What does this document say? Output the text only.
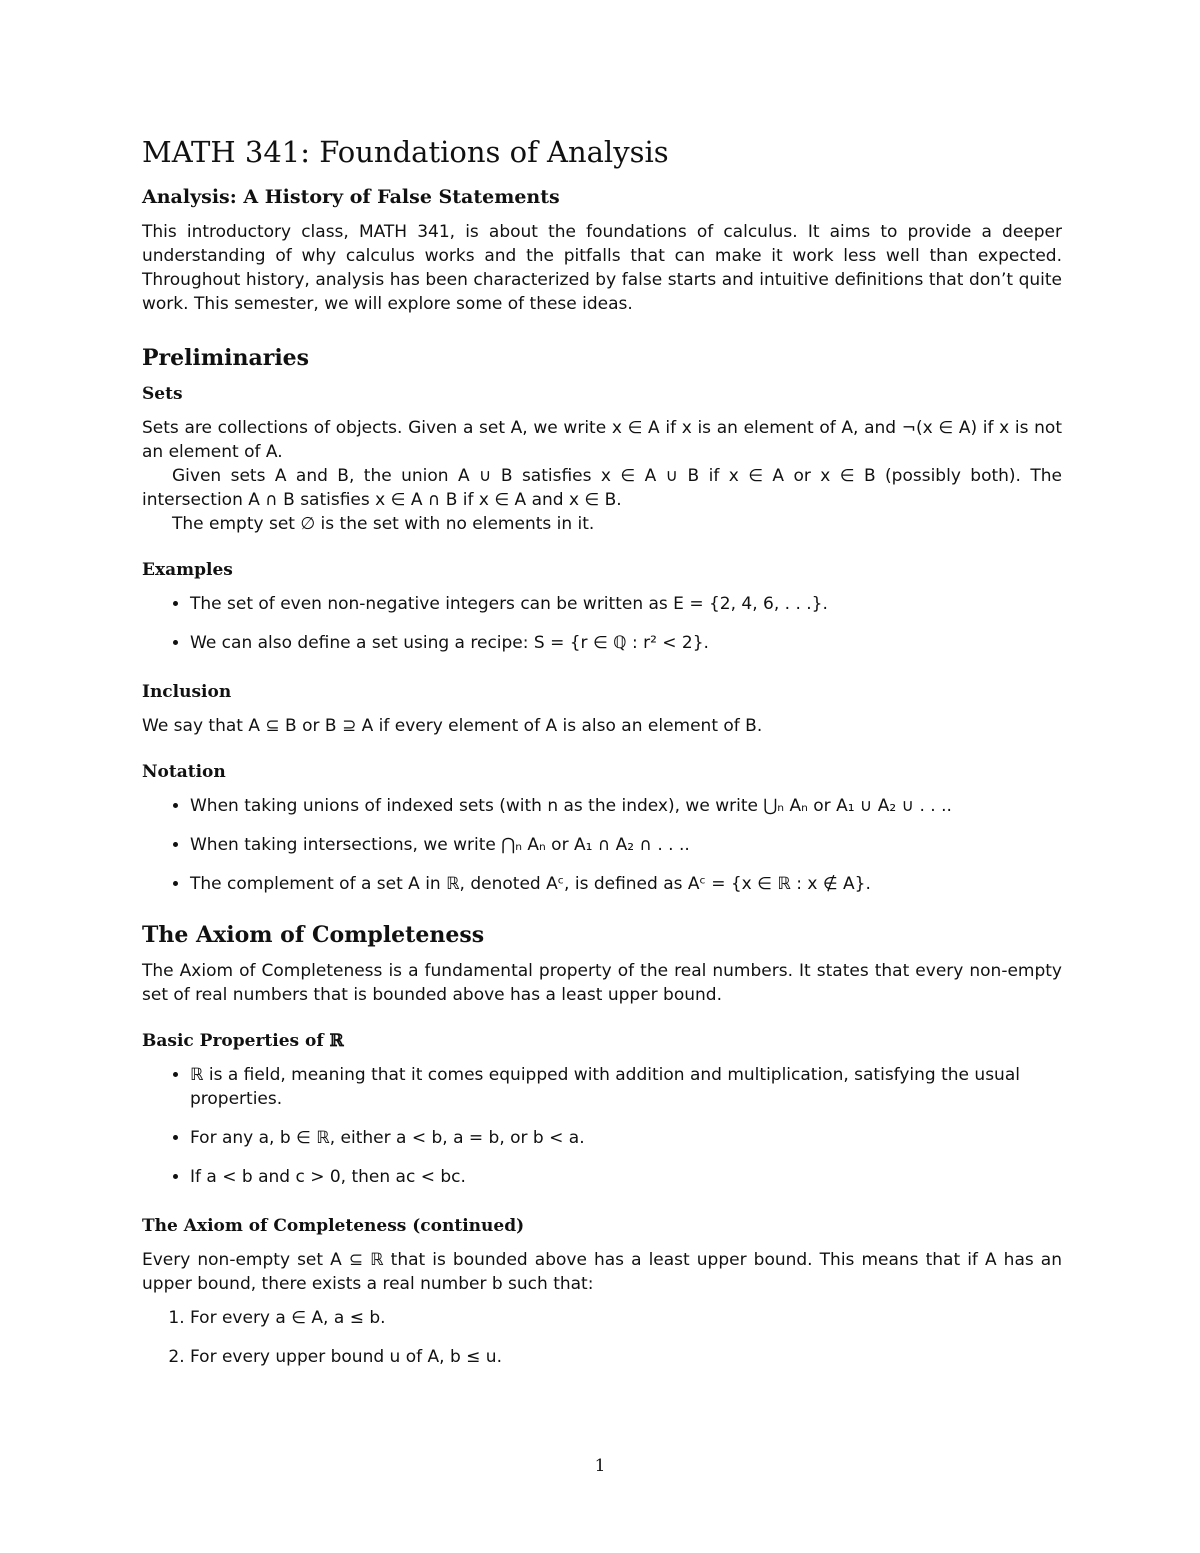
MATH 341: Foundations of Analysis
Analysis: A History of False Statements

This introductory class, MATH 341, is about the foundations of calculus. It aims to provide a deeper understanding of why calculus works and the pitfalls that can make it work less well than expected. Throughout history, analysis has been characterized by false starts and intuitive definitions that don’t quite work. This semester, we will explore some of these ideas.

Preliminaries
Sets

Sets are collections of objects. Given a set A, we write x ∈ A if x is an element of A, and ¬(x ∈ A) if x is not an element of A.

Given sets A and B, the union A ∪ B satisfies x ∈ A ∪ B if x ∈ A or x ∈ B (possibly both). The intersection A ∩ B satisfies x ∈ A ∩ B if x ∈ A and x ∈ B.

The empty set ∅ is the set with no elements in it.

Examples
• The set of even non-negative integers can be written as E = {2, 4, 6, . . .}.
• We can also define a set using a recipe: S = {r ∈ ℚ : r² < 2}.
Inclusion

We say that A ⊆ B or B ⊇ A if every element of A is also an element of B.

Notation
• When taking unions of indexed sets (with n as the index), we write ⋃ₙ Aₙ or A₁ ∪ A₂ ∪ . . ..
• When taking intersections, we write ⋂ₙ Aₙ or A₁ ∩ A₂ ∩ . . ..
• The complement of a set A in ℝ, denoted Aᶜ, is defined as Aᶜ = {x ∈ ℝ : x ∉ A}.
The Axiom of Completeness

The Axiom of Completeness is a fundamental property of the real numbers. It states that every non-empty set of real numbers that is bounded above has a least upper bound.

Basic Properties of ℝ
• ℝ is a field, meaning that it comes equipped with addition and multiplication, satisfying the usual properties.
• For any a, b ∈ ℝ, either a < b, a = b, or b < a.
• If a < b and c > 0, then ac < bc.
The Axiom of Completeness (continued)

Every non-empty set A ⊆ ℝ that is bounded above has a least upper bound. This means that if A has an upper bound, there exists a real number b such that:

1. For every a ∈ A, a ≤ b.
2. For every upper bound u of A, b ≤ u.
1
